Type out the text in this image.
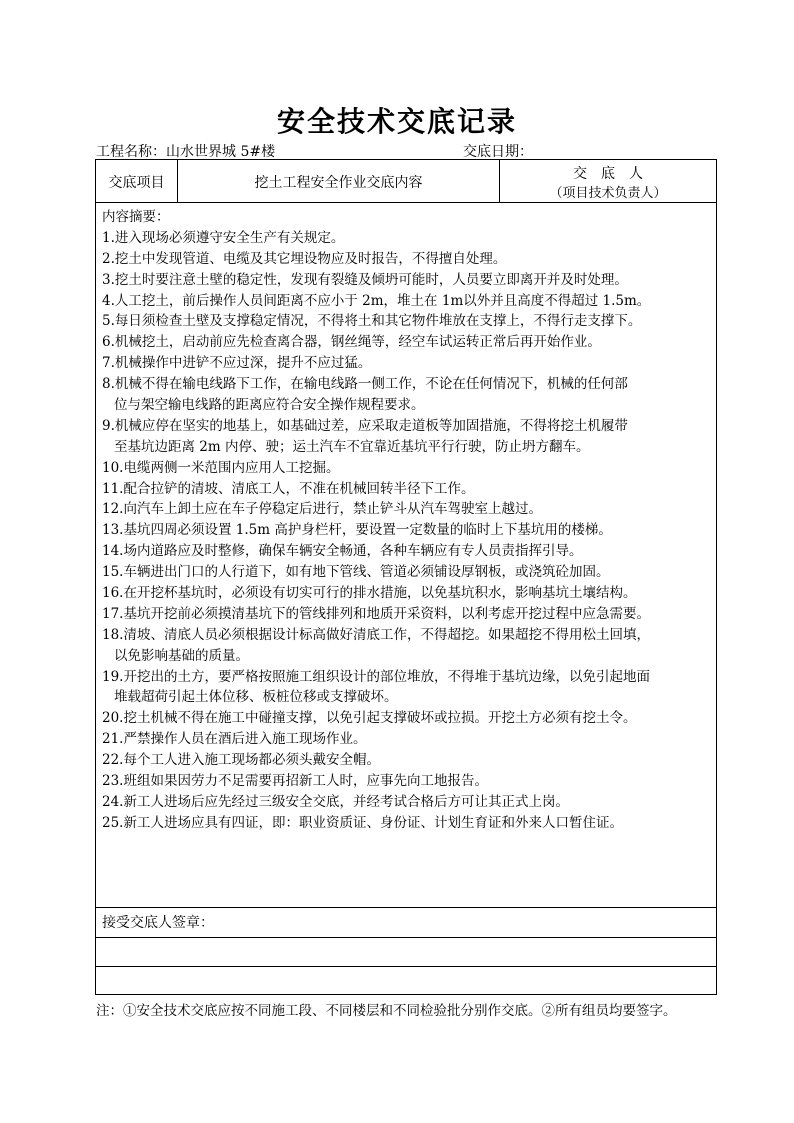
安全技术交底记录
工程名称：山水世界城 5#楼	交底日期：
交底项目	挖土工程安全作业交底内容
交　底　人
（项目技术负责人）
内容摘要：
1.进入现场必须遵守安全生产有关规定。
2.挖土中发现管道、电缆及其它埋设物应及时报告，不得擅自处理。
3.挖土时要注意土壁的稳定性，发现有裂缝及倾坍可能时，人员要立即离开并及时处理。
4.人工挖土，前后操作人员间距离不应小于 2m，堆土在 1m以外并且高度不得超过 1.5m。
5.每日须检查土壁及支撑稳定情况，不得将土和其它物件堆放在支撑上，不得行走支撑下。
6.机械挖土，启动前应先检查离合器，钢丝绳等，经空车试运转正常后再开始作业。
7.机械操作中进铲不应过深，提升不应过猛。
8.机械不得在输电线路下工作，在输电线路一侧工作，不论在任何情况下，机械的任何部
位与架空输电线路的距离应符合安全操作规程要求。
9.机械应停在坚实的地基上，如基础过差，应采取走道板等加固措施，不得将挖土机履带
至基坑边距离 2m 内停、驶；运土汽车不宜靠近基坑平行行驶，防止坍方翻车。
10.电缆两侧一米范围内应用人工挖掘。
11.配合拉铲的清坡、清底工人，不准在机械回转半径下工作。
12.向汽车上卸土应在车子停稳定后进行，禁止铲斗从汽车驾驶室上越过。
13.基坑四周必须设置 1.5m 高护身栏杆，要设置一定数量的临时上下基坑用的楼梯。
14.场内道路应及时整修，确保车辆安全畅通，各种车辆应有专人员责指挥引导。
15.车辆进出门口的人行道下，如有地下管线、管道必须铺设厚钢板，或浇筑砼加固。
16.在开挖杯基坑时，必须设有切实可行的排水措施，以免基坑积水，影响基坑土壤结构。
17.基坑开挖前必须摸清基坑下的管线排列和地质开采资料，以利考虑开挖过程中应急需要。
18.清坡、清底人员必须根据设计标高做好清底工作，不得超挖。如果超挖不得用松土回填，
以免影响基础的质量。
19.开挖出的土方，要严格按照施工组织设计的部位堆放，不得堆于基坑边缘，以免引起地面
堆载超荷引起土体位移、板桩位移或支撑破坏。
20.挖土机械不得在施工中碰撞支撑，以免引起支撑破坏或拉损。开挖土方必须有挖土令。
21.严禁操作人员在酒后进入施工现场作业。
22.每个工人进入施工现场都必须头戴安全帽。
23.班组如果因劳力不足需要再招新工人时，应事先向工地报告。
24.新工人进场后应先经过三级安全交底，并经考试合格后方可让其正式上岗。
25.新工人进场应具有四证，即：职业资质证、身份证、计划生育证和外来人口暂住证。
接受交底人签章：
注：①安全技术交底应按不同施工段、不同楼层和不同检验批分别作交底。②所有组员均要签字。
